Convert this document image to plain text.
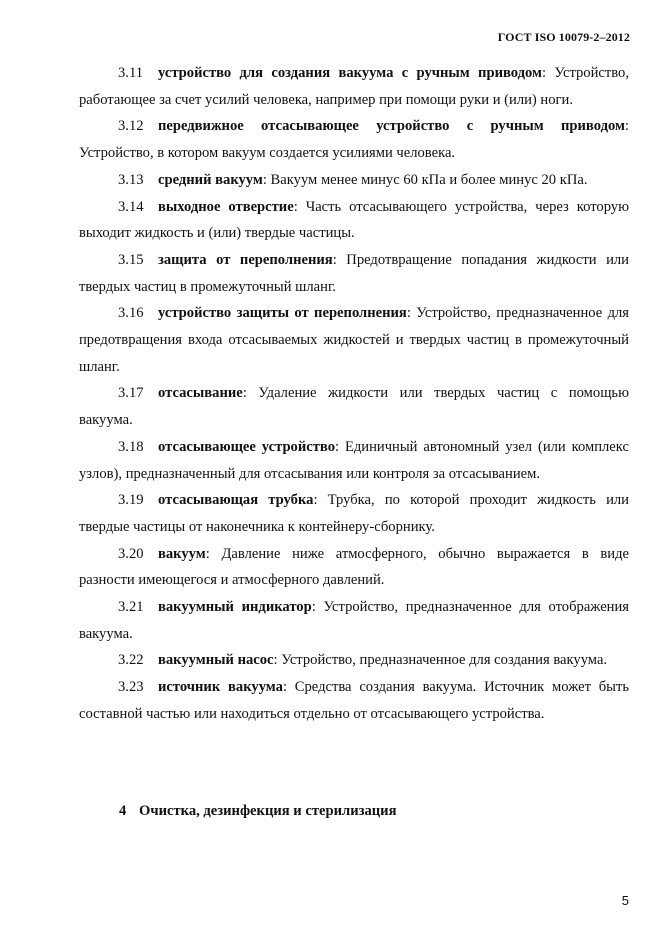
ГОСТ ISO 10079-2–2012

3.11 устройство для создания вакуума с ручным приводом: Устройство, работающее за счет усилий человека, например при помощи руки и (или) ноги.

3.12 передвижное отсасывающее устройство с ручным приводом: Устройство, в котором вакуум создается усилиями человека.

3.13 средний вакуум: Вакуум менее минус 60 кПа и более минус 20 кПа.

3.14 выходное отверстие: Часть отсасывающего устройства, через которую выходит жидкость и (или) твердые частицы.

3.15 защита от переполнения: Предотвращение попадания жидкости или твердых частиц в промежуточный шланг.

3.16 устройство защиты от переполнения: Устройство, предназначенное для предотвращения входа отсасываемых жидкостей и твердых частиц в промежуточный шланг.

3.17 отсасывание: Удаление жидкости или твердых частиц с помощью вакуума.

3.18 отсасывающее устройство: Единичный автономный узел (или комплекс узлов), предназначенный для отсасывания или контроля за отсасыванием.

3.19 отсасывающая трубка: Трубка, по которой проходит жидкость или твердые частицы от наконечника к контейнеру-сборнику.

3.20 вакуум: Давление ниже атмосферного, обычно выражается в виде разности имеющегося и атмосферного давлений.

3.21 вакуумный индикатор: Устройство, предназначенное для отображения вакуума.

3.22 вакуумный насос: Устройство, предназначенное для создания вакуума.

3.23 источник вакуума: Средства создания вакуума. Источник может быть составной частью или находиться отдельно от отсасывающего устройства.

4 Очистка, дезинфекция и стерилизация
5
